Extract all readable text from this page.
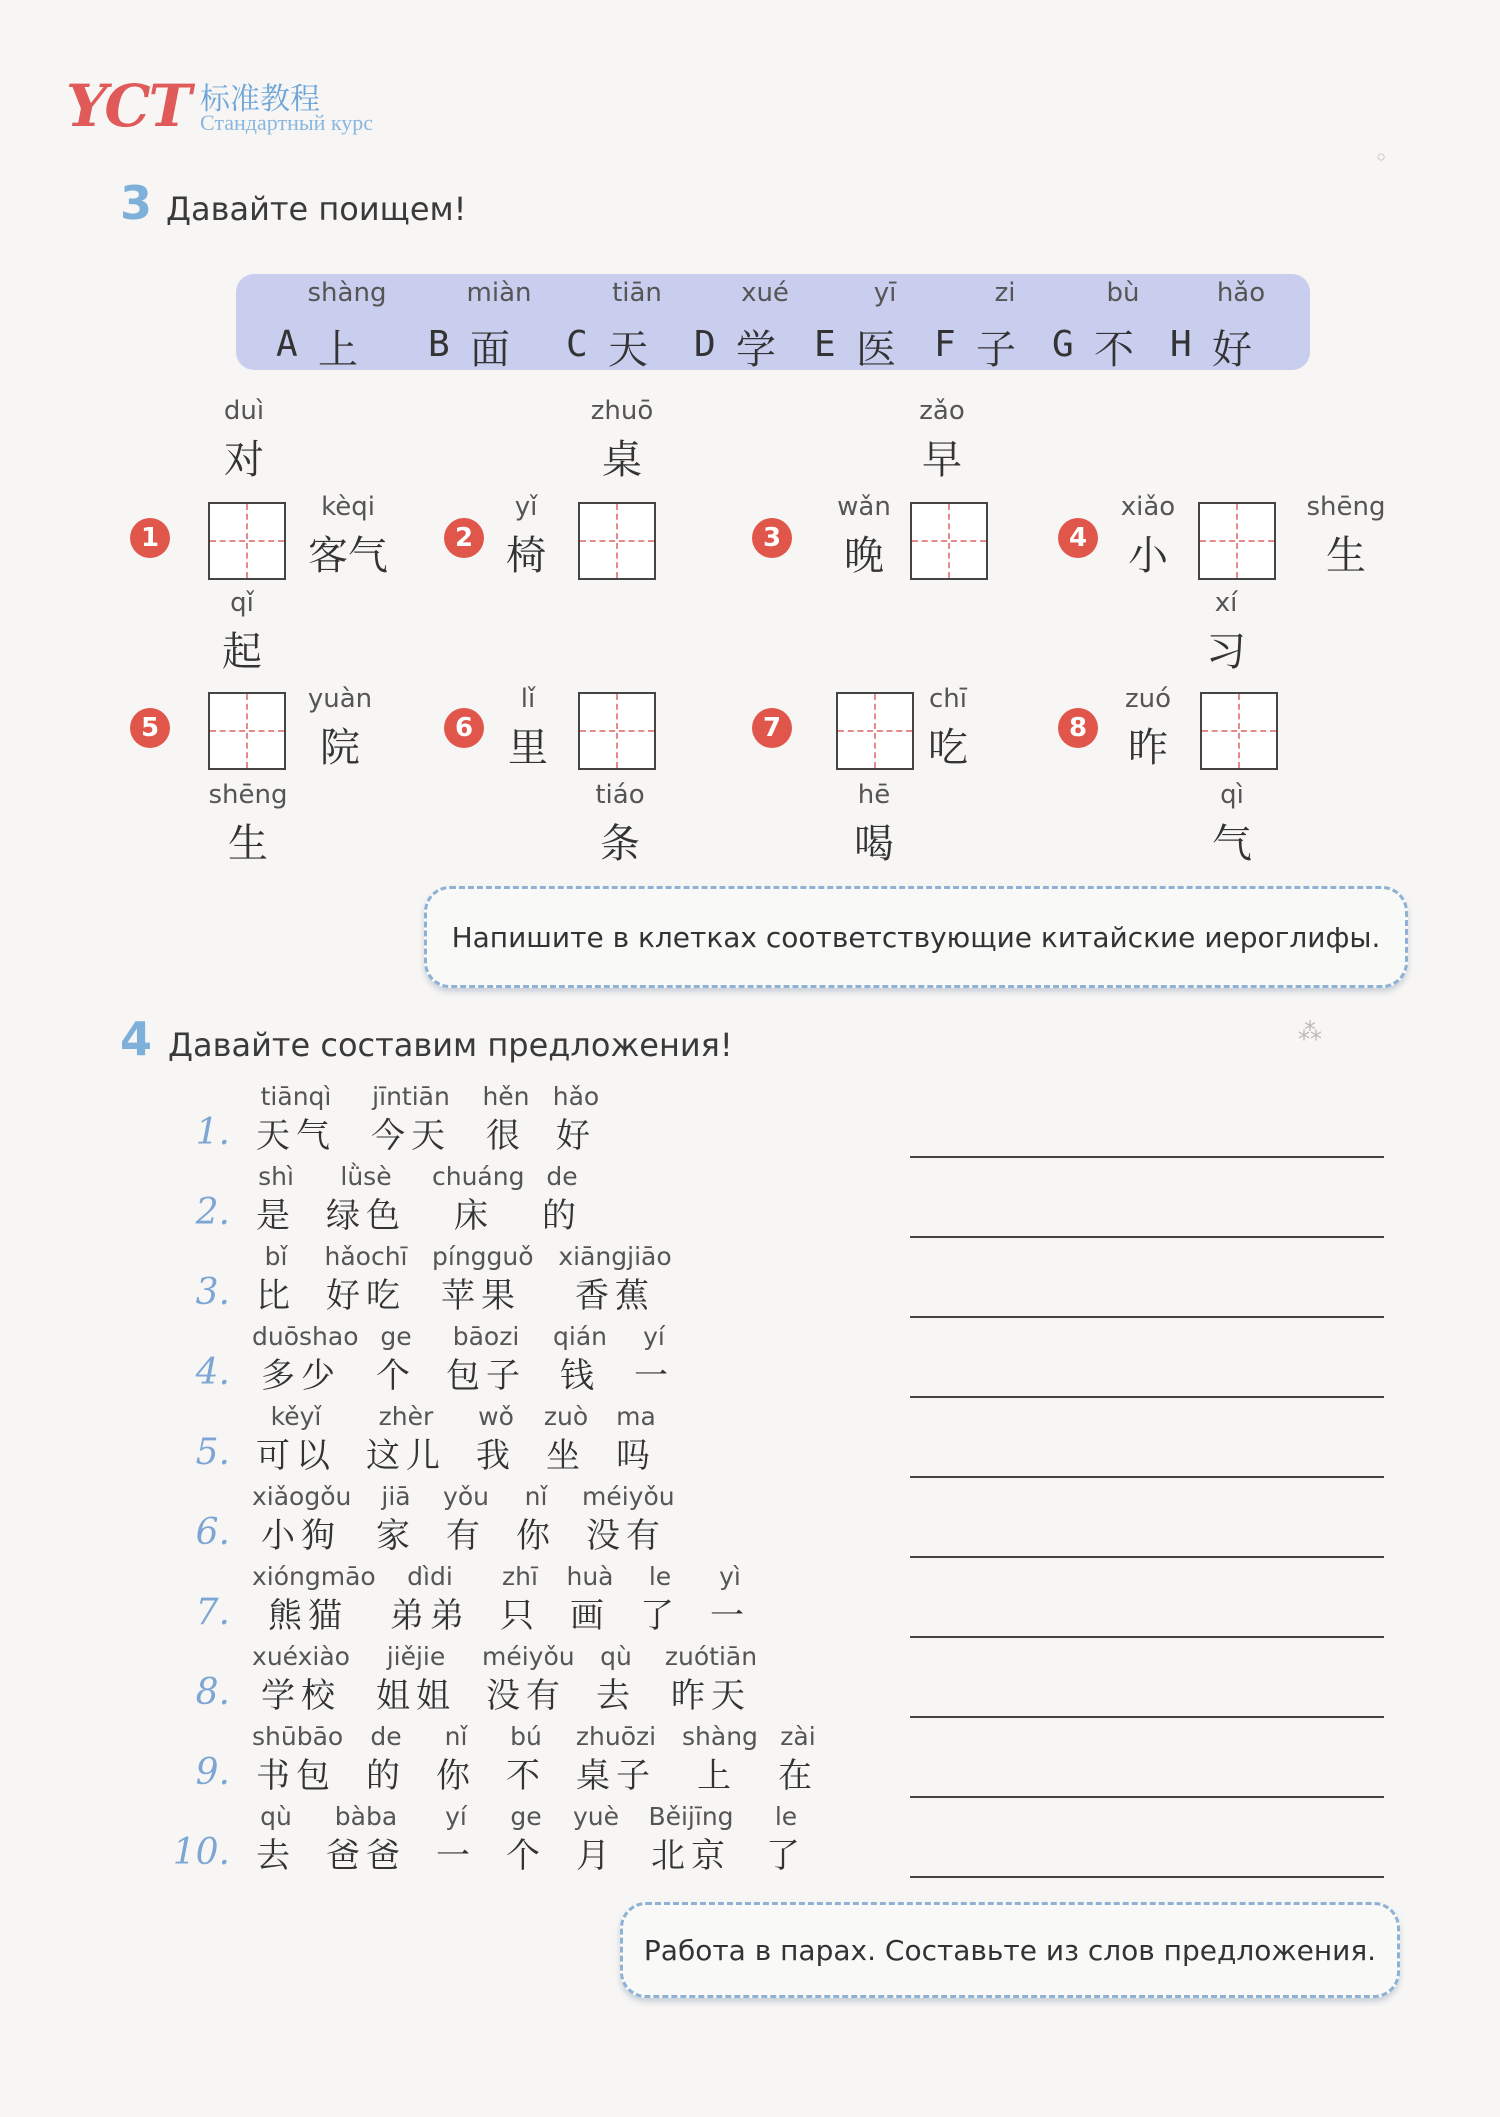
YCT 标准教程
Стандартный курс
◦
3 Давайте поищем!
shàng
A 上
miàn
B 面
tiān
C 天
xué
D 学
yī
E 医
zi
F 子
bù
G 不
hǎo
H 好
duì
对
zhuō
桌
zǎo
早
kèqi
客气
yǐ
椅
wǎn
晚
xiǎo
小
shēng
生
qǐ
起
xí
习
yuàn
院
lǐ
里
chī
吃
zuó
昨
shēng
生
tiáo
条
hē
喝
qì
气
1	2	3	4
5	6	7	8
Напишите в клетках соответствующие китайские иероглифы.
4 Давайте составим предложения!	⁂
1.
tiānqì
天气
jīntiān
今天
hěn
很
hǎo
好
2.
shì
是
lǜsè
绿色
chuáng
床
de
的
3.
bǐ
比
hǎochī
好吃
píngguǒ
苹果
xiāngjiāo
香蕉
4.
duōshao
多少
ge
个
bāozi
包子
qián
钱
yí
一
5.
kěyǐ
可以
zhèr
这儿
wǒ
我
zuò
坐
ma
吗
6.
xiǎogǒu
小狗
jiā
家
yǒu
有
nǐ
你
méiyǒu
没有
7.
xióngmāo
熊猫
dìdi
弟弟
zhī
只
huà
画
le
了
yì
一
8.
xuéxiào
学校
jiějie
姐姐
méiyǒu
没有
qù
去
zuótiān
昨天
9.
shūbāo
书包
de
的
nǐ
你
bú
不
zhuōzi
桌子
shàng
上
zài
在
10.
qù
去
bàba
爸爸
yí
一
ge
个
yuè
月
Běijīng
北京
le
了
Работа в парах. Составьте из слов предложения.
